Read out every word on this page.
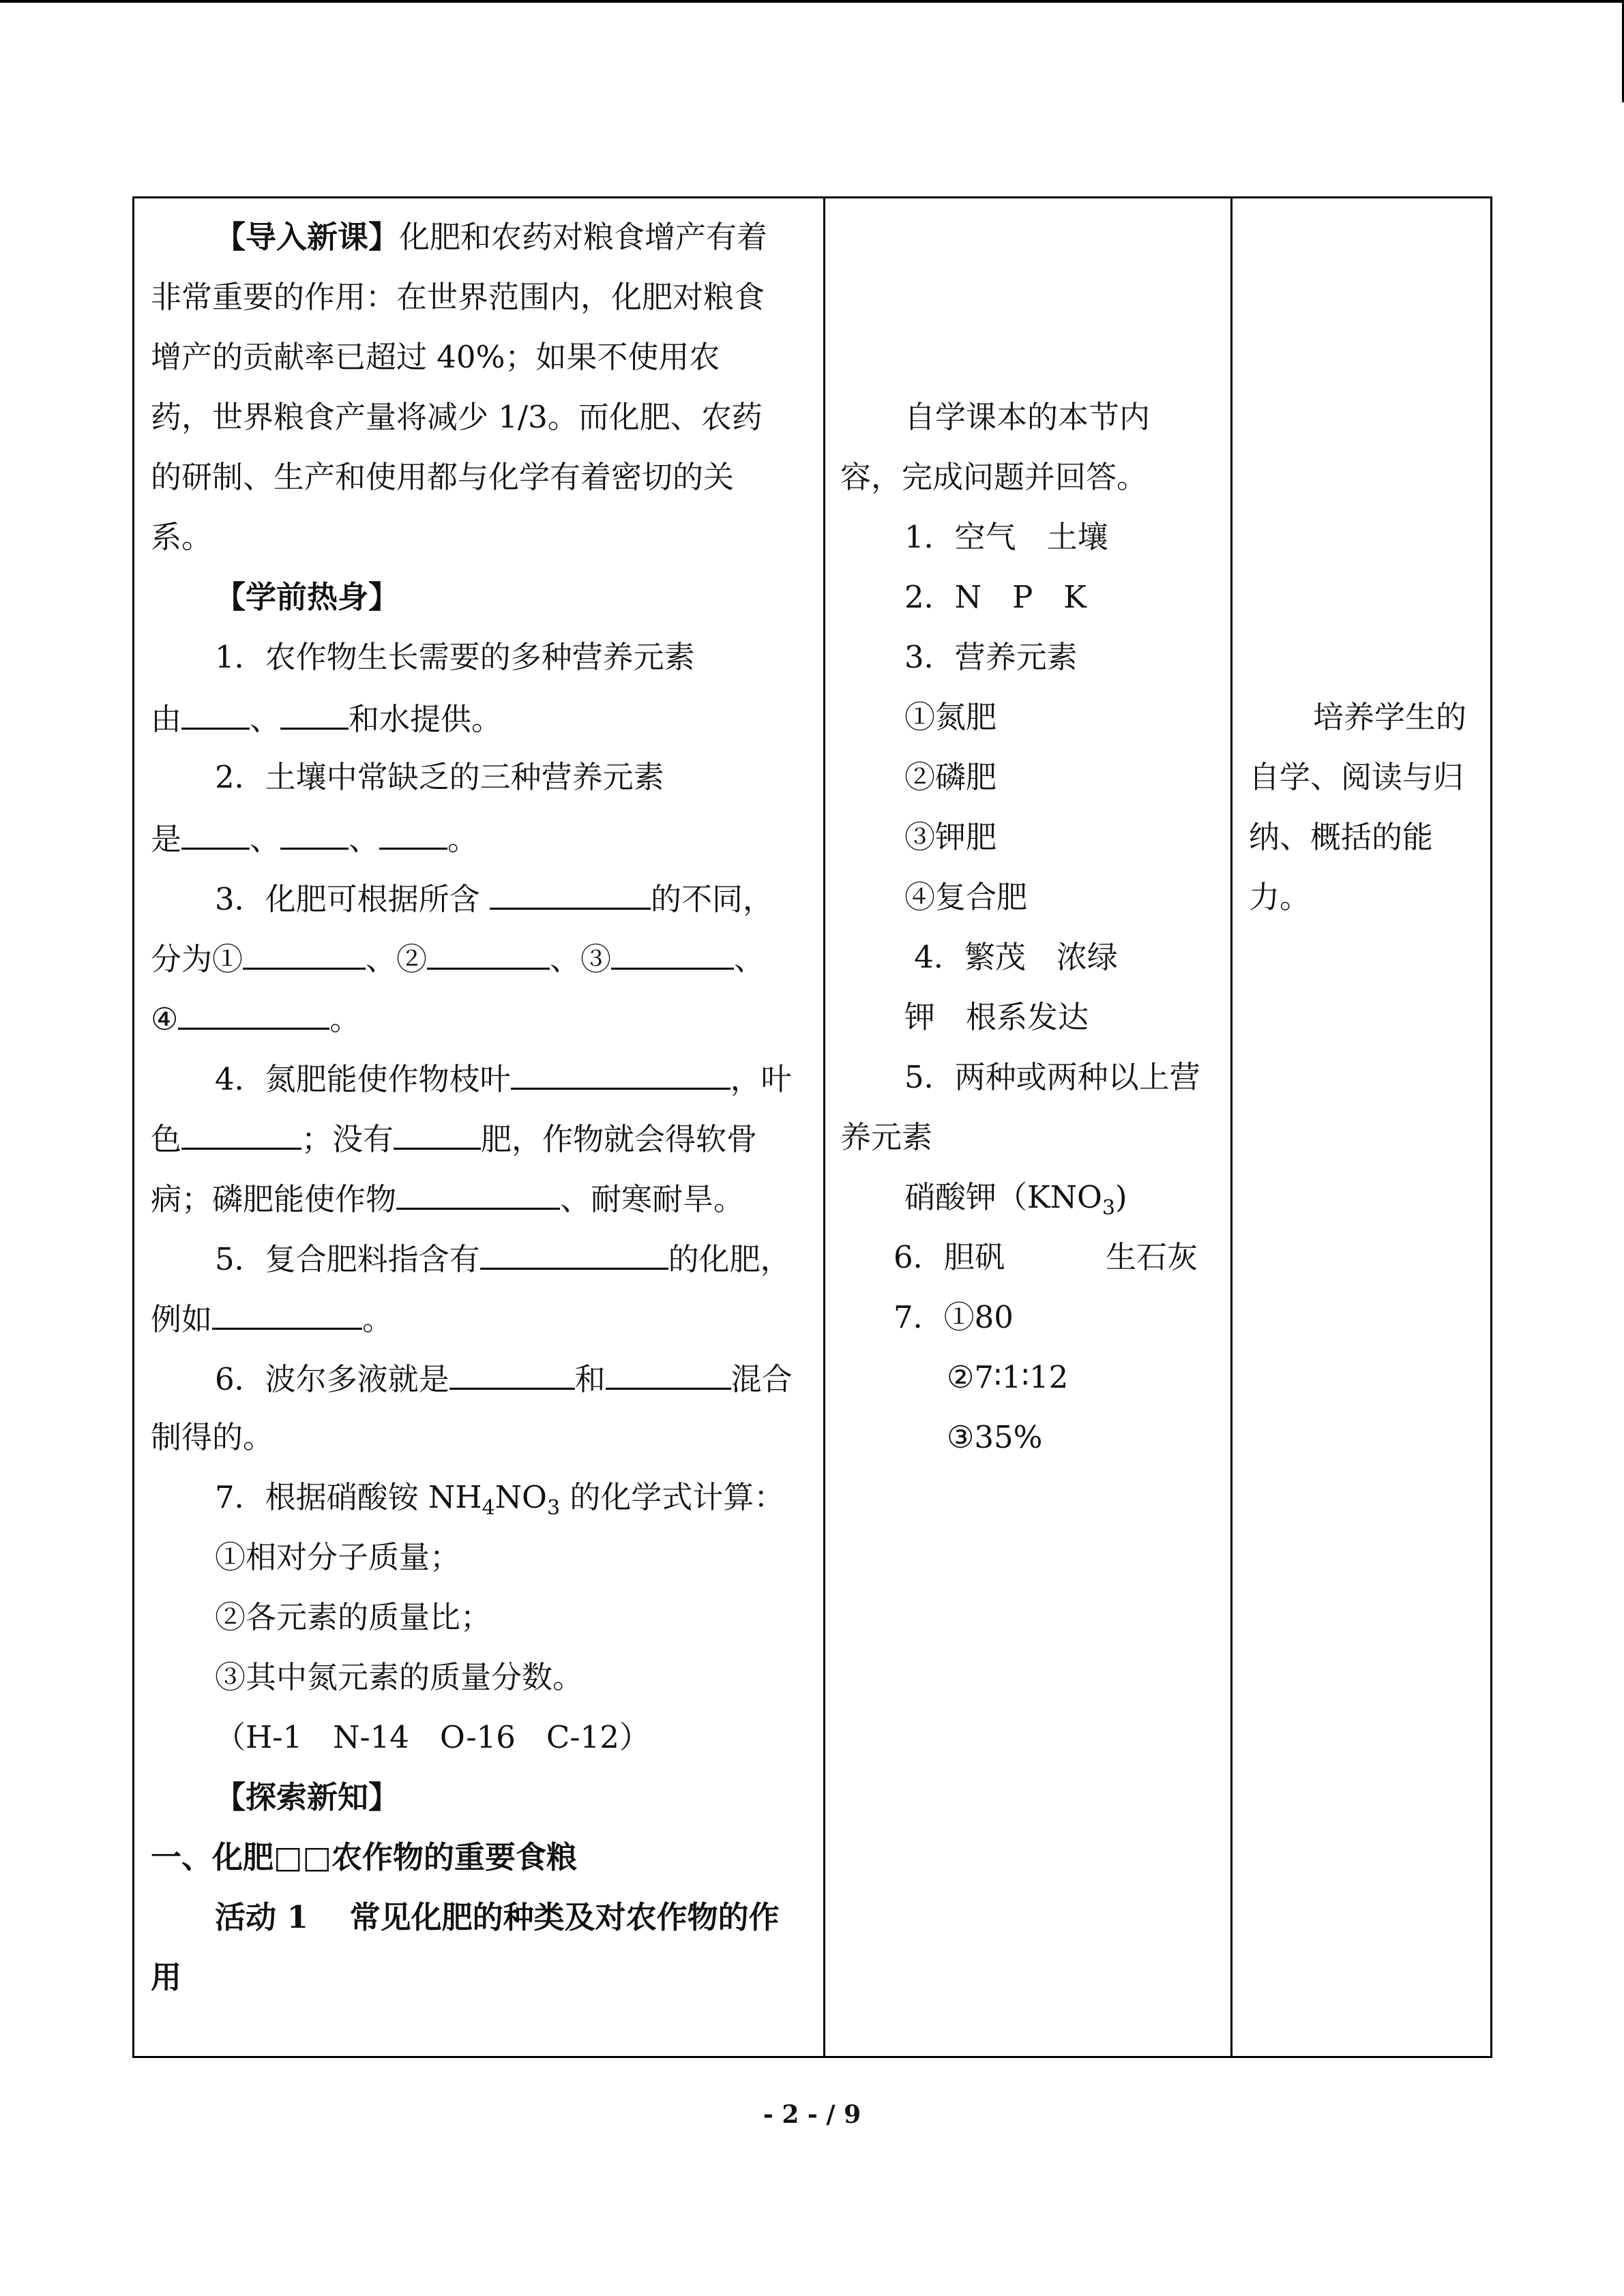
【导入新课】化肥和农药对粮食增产有着
非常重要的作用：在世界范围内，化肥对粮食
增产的贡献率已超过 40%；如果不使用农
药，世界粮食产量将减少 1/3。而化肥、农药
的研制、生产和使用都与化学有着密切的关
系。
【学前热身】
1．农作物生长需要的多种营养元素
由 、 和水提供。
2．土壤中常缺乏的三种营养元素
是 、 、 。
3．化肥可根据所含	的不同，
分为①	、②	、③	、
④	。
4．氮肥能使作物枝叶	，叶
色	；没有	肥，作物就会得软骨
病；磷肥能使作物	、耐寒耐旱。
5．复合肥料指含有	的化肥，
例如	。
6．波尔多液就是	和	混合
制得的。
7．根据硝酸铵 $NH_4NO_3$ 的化学式计算：
①相对分子质量；
②各元素的质量比；
③其中氮元素的质量分数。
（H-1　N-14　O-16　C-12）
【探索新知】
一、化肥□□农作物的重要食粮
活动 1　 常见化肥的种类及对农作物的作
用
自学课本的本节内
容，完成问题并回答。
1．空气　土壤
2．N　P　K
3．营养元素
①氮肥
②磷肥
③钾肥
④复合肥
4．繁茂　浓绿
钾　根系发达
5．两种或两种以上营
养元素
硝酸钾$(KNO_3)$
6．胆矾	生石灰
7．①80
②7∶1∶12
③35%
培养学生的
自学、阅读与归
纳、概括的能
力。
- 2 - / 9
